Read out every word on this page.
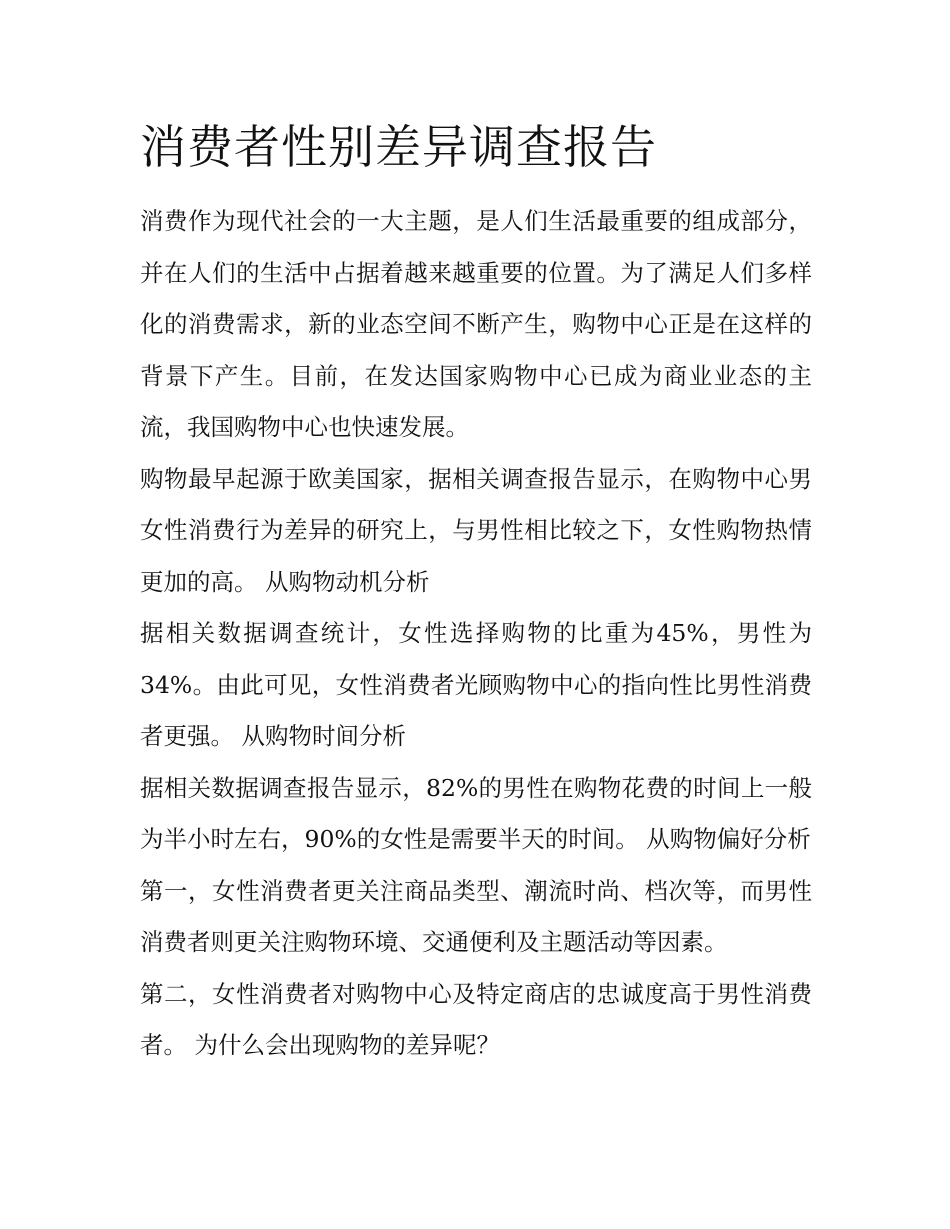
消费者性别差异调查报告

消费作为现代社会的一大主题，是人们生活最重要的组成部分，并在人们的生活中占据着越来越重要的位置。为了满足人们多样化的消费需求，新的业态空间不断产生，购物中心正是在这样的背景下产生。目前，在发达国家购物中心已成为商业业态的主流，我国购物中心也快速发展。

购物最早起源于欧美国家，据相关调查报告显示，在购物中心男女性消费行为差异的研究上，与男性相比较之下，女性购物热情更加的高。 从购物动机分析

据相关数据调查统计，女性选择购物的比重为45%，男性为34%。由此可见，女性消费者光顾购物中心的指向性比男性消费者更强。 从购物时间分析

据相关数据调查报告显示，82%的男性在购物花费的时间上一般为半小时左右，90%的女性是需要半天的时间。 从购物偏好分析

第一，女性消费者更关注商品类型、潮流时尚、档次等，而男性消费者则更关注购物环境、交通便利及主题活动等因素。

第二，女性消费者对购物中心及特定商店的忠诚度高于男性消费者。 为什么会出现购物的差异呢？
